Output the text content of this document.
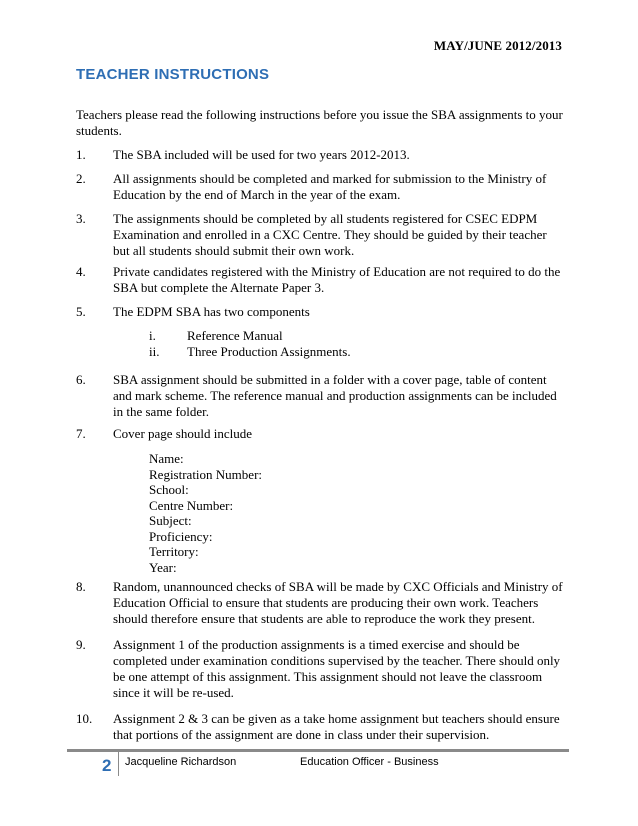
MAY/JUNE 2012/2013
TEACHER INSTRUCTIONS
Teachers please read the following instructions before you issue the SBA assignments to your students.
1.	The SBA included will be used for two years 2012-2013.
2.	All assignments should be completed and marked for submission to the Ministry of Education by the end of March in the year of the exam.
3.	The assignments should be completed by all students registered for CSEC EDPM Examination and enrolled in a CXC Centre. They should be guided by their teacher but all students should submit their own work.
4.	Private candidates registered with the Ministry of Education are not required to do the SBA but complete the Alternate Paper 3.
5.	The EDPM SBA has two components
i.	Reference Manual
ii.	Three Production Assignments.
6.	SBA assignment should be submitted in a folder with a cover page, table of content and mark scheme. The reference manual and production assignments can be included in the same folder.
7.	Cover page should include
Name:
Registration Number:
School:
Centre Number:
Subject:
Proficiency:
Territory:
Year:
8.	Random, unannounced checks of SBA will be made by CXC Officials and Ministry of Education Official to ensure that students are producing their own work. Teachers should therefore ensure that students are able to reproduce the work they present.
9.	Assignment 1 of the production assignments is a timed exercise and should be completed under examination conditions supervised by the teacher. There should only be one attempt of this assignment. This assignment should not leave the classroom since it will be re-used.
10.	Assignment 2 & 3 can be given as a take home assignment but teachers should ensure that portions of the assignment are done in class under their supervision.
2 Jacqueline Richardson	Education Officer - Business
